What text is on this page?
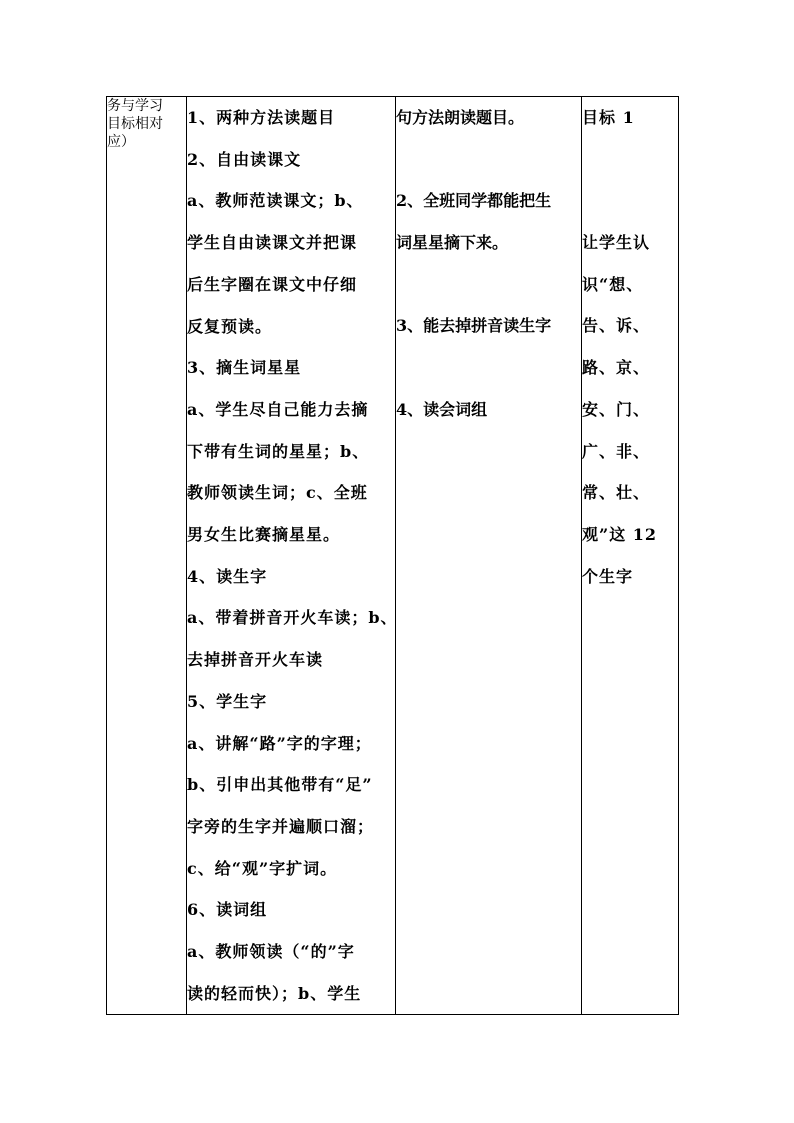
务与学习
目标相对
应）

1、两种方法读题目
2、自由读课文
a、教师范读课文；b、
学生自由读课文并把课
后生字圈在课文中仔细
反复预读。
3、摘生词星星
a、学生尽自己能力去摘
下带有生词的星星；b、
教师领读生词；c、全班
男女生比赛摘星星。
4、读生字
a、带着拼音开火车读；b、
去掉拼音开火车读
5、学生字
a、讲解“路”字的字理；
b、引申出其他带有“足”
字旁的生字并遍顺口溜；
c、给“观”字扩词。
6、读词组
a、教师领读（“的”字
读的轻而快）；b、学生

句方法朗读题目。
2、全班同学都能把生
词星星摘下来。
3、能去掉拼音读生字
4、读会词组

目标 1
让学生认
识“想、
告、诉、
路、京、
安、门、
广、非、
常、壮、
观”这 12
个生字
